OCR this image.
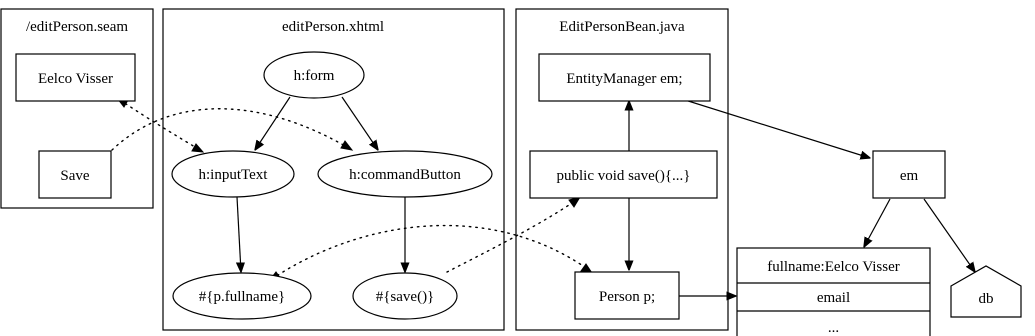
/editPerson.seam	editPerson.xhtml	EditPersonBean.java
Eelco Visser
Save
h:form
h:inputText	h:commandButton
#{p.fullname}	#{save()}
EntityManager em;
public void save(){...}
Person p;
em
fullname:Eelco Visser
email
...
db
